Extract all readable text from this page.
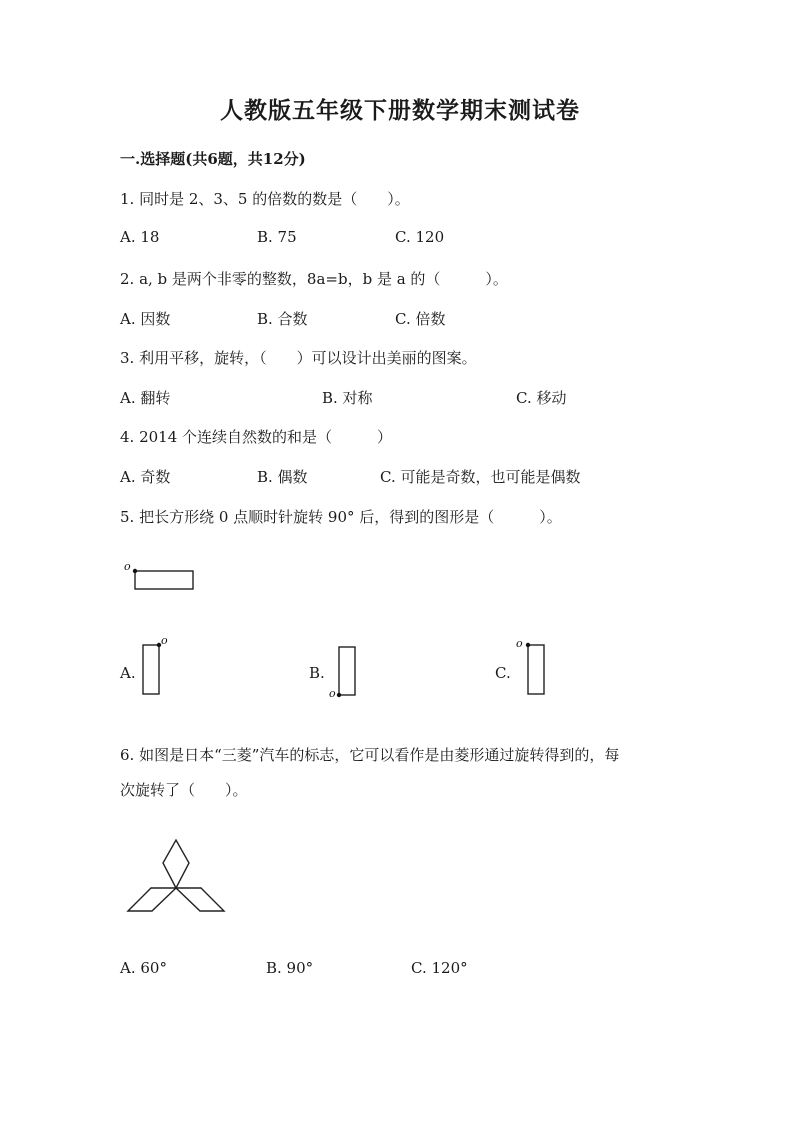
人教版五年级下册数学期末测试卷
一.选择题(共6题，共12分)
1. 同时是 2、3、5 的倍数的数是（　　）。
A. 18	B. 75	C. 120
2. a, b 是两个非零的整数，8a=b，b 是 a 的（　　　）。
A. 因数	B. 合数	C. 倍数
3. 利用平移，旋转，（　　）可以设计出美丽的图案。
A. 翻转	B. 对称	C. 移动
4. 2014 个连续自然数的和是（　　　）
A. 奇数	B. 偶数	C. 可能是奇数，也可能是偶数
5. 把长方形绕 0 点顺时针旋转 90° 后，得到的图形是（　　　）。
o
o
o
o
A.	B.	C.
6. 如图是日本“三菱”汽车的标志，它可以看作是由菱形通过旋转得到的，每
次旋转了（　　）。
A. 60°	B. 90°	C. 120°
